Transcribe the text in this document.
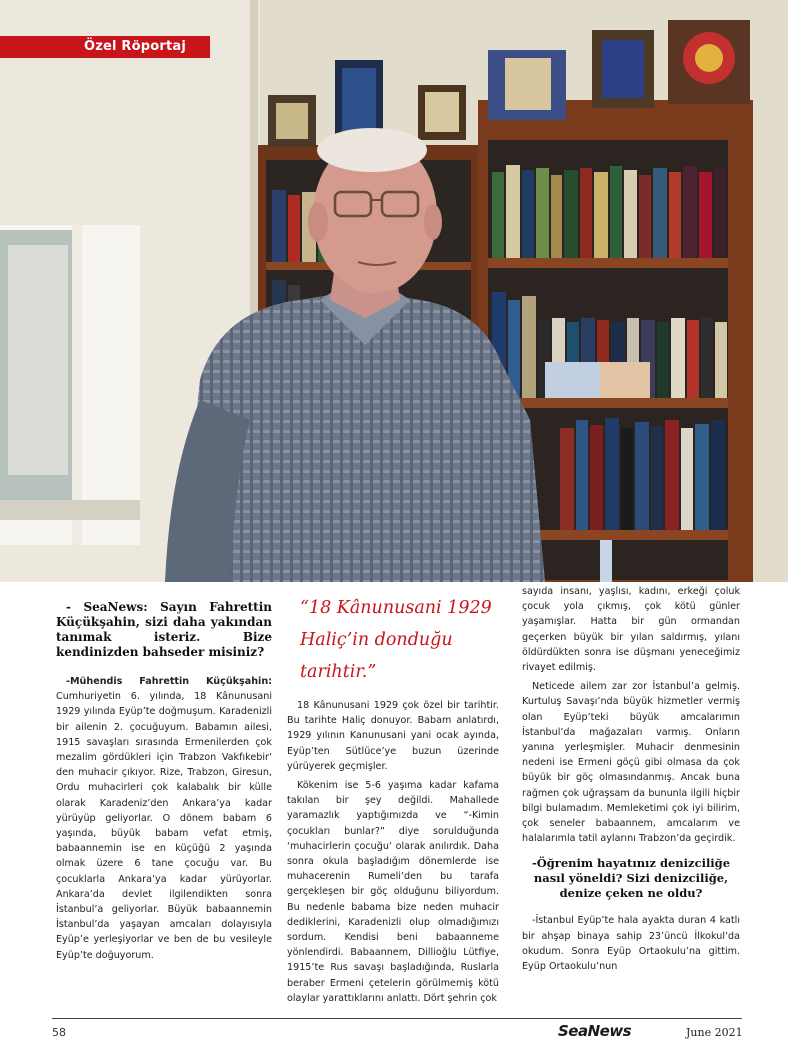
Özel Röportaj
- SeaNews: Sayın Fahrettin Küçükşahin, sizi daha yakından tanımak isteriz. Bize kendinizden bahseder misiniz?

-Mühendis Fahrettin Küçükşahin: Cumhuriyetin 6. yılında, 18 Kânunusani 1929 yılında Eyüp’te doğmuşum. Karadenizli bir ailenin 2. çocuğuyum. Babamın ailesi, 1915 savaşları sırasında Ermenilerden çok mezalim gördükleri için Trabzon Vakfıkebir’ den muhacir çıkıyor. Rize, Trabzon, Giresun, Ordu muhacirleri çok kalabalık bir külle olarak Karadeniz’den Ankara’ya kadar yürüyüp geliyorlar. O dönem babam 6 yaşında, büyük babam vefat etmiş, babaannemin ise en küçüğü 2 yaşında olmak üzere 6 tane çocuğu var. Bu çocuklarla Ankara’ya kadar yürüyorlar. Ankara’da devlet ilgilendikten sonra İstanbul’a geliyorlar. Büyük babaannemin İstanbul’da yaşayan amcaları dolayısıyla Eyüp’e yerleşiyorlar ve ben de bu vesileyle Eyüp’te doğuyorum.

“18 Kânunusani 1929 Haliç’in donduğu tarihtir.”

18 Kânunusani 1929 çok özel bir tarihtir. Bu tarihte Haliç donuyor. Babam anlatırdı, 1929 yılının Kanunusani yani ocak ayında, Eyüp’ten Sütlüce’ye buzun üzerinde yürüyerek geçmişler.

Kökenim ise 5-6 yaşıma kadar kafama takılan bir şey değildi. Mahallede yaramazlık yaptığımızda ve “-Kimin çocukları bunlar?” diye sorulduğunda ‘muhacirlerin çocuğu’ olarak anılırdık. Daha sonra okula başladığım dönemlerde ise muhacerenin Rumeli’den bu tarafa gerçekleşen bir göç olduğunu biliyordum. Bu nedenle babama bize neden muhacir dediklerini, Karadenizli olup olmadığımızı sordum. Kendisi beni babaanneme yönlendirdi. Babaannem, Dillioğlu Lütfiye, 1915’te Rus savaşı başladığında, Ruslarla beraber Ermeni çetelerin görülmemiş kötü olaylar yarattıklarını anlattı. Dört şehrin çok

sayıda insanı, yaşlısı, kadını, erkeği çoluk çocuk yola çıkmış, çok kötü günler yaşamışlar. Hatta bir gün ormandan geçerken büyük bir yılan saldırmış, yılanı öldürdükten sonra ise düşmanı yeneceğimiz rivayet edilmiş.

Neticede ailem zar zor İstanbul’a gelmiş. Kurtuluş Savaşı’nda büyük hizmetler vermiş olan Eyüp’teki büyük amcalarımın İstanbul’da mağazaları varmış. Onların yanına yerleşmişler. Muhacir denmesinin nedeni ise Ermeni göçü gibi olmasa da çok büyük bir göç olmasındanmış. Ancak buna rağmen çok uğraşsam da bununla ilgili hiçbir bilgi bulamadım. Memleketimi çok iyi bilirim, çok seneler babaannem, amcalarım ve halalarımla tatil aylarını Trabzon’da geçirdik.

-Öğrenim hayatınız denizciliğe nasıl yöneldi? Sizi denizciliğe, denize çeken ne oldu?

-İstanbul Eyüp’te hala ayakta duran 4 katlı bir ahşap binaya sahip 23’üncü İlkokul’da okudum. Sonra Eyüp Ortaokulu’na gittim. Eyüp Ortaokulu’nun

58	SeaNews	June 2021
